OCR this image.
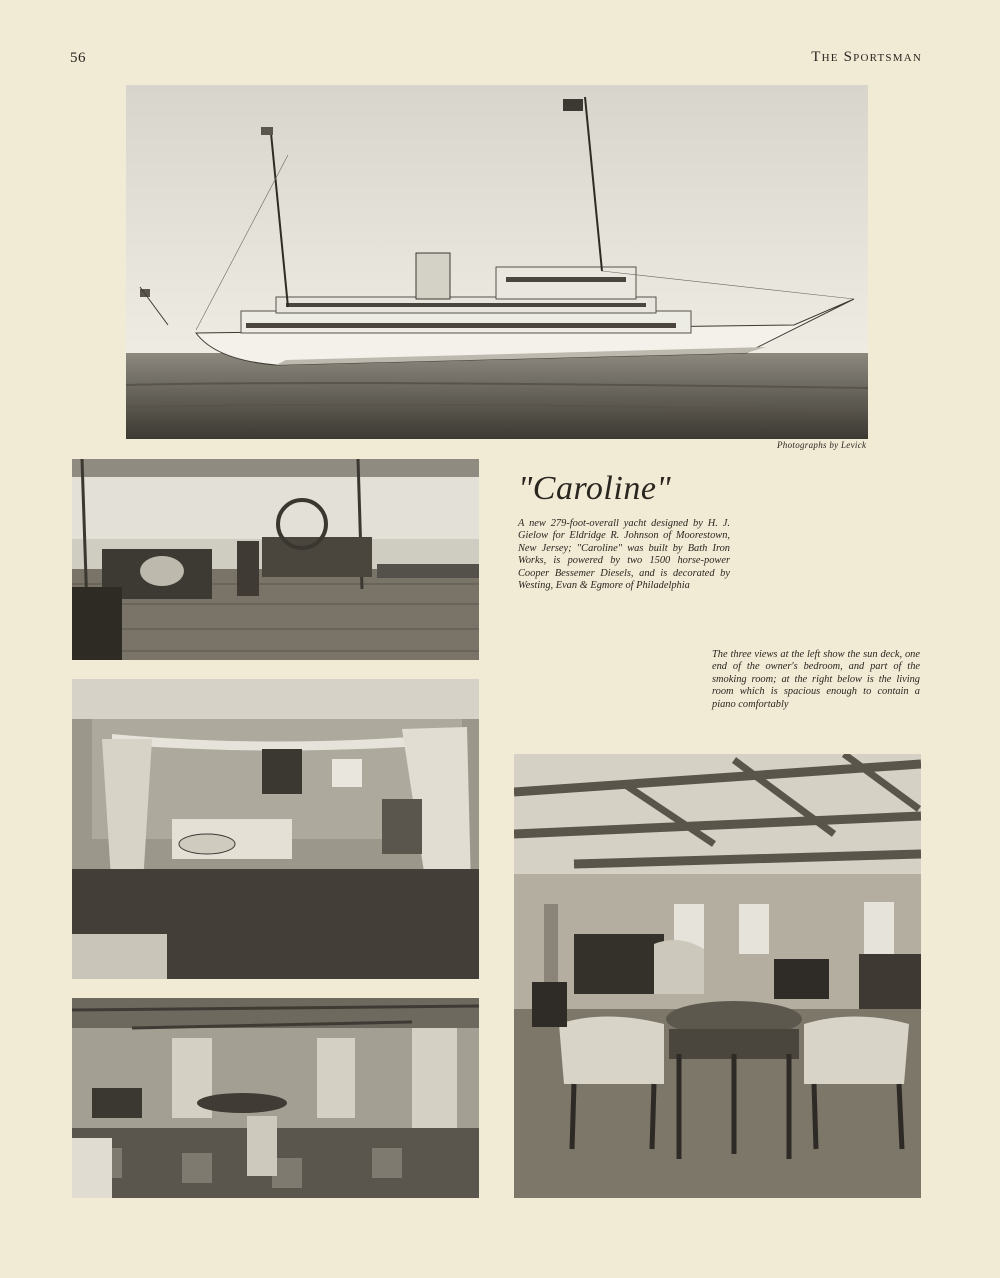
56	The Sportsman
Photographs by Levick
"Caroline"
A new 279-foot-overall yacht designed by H. J. Gielow for Eldridge R. Johnson of Moorestown, New Jersey; "Caroline" was built by Bath Iron Works, is powered by two 1500 horse-power Cooper Bessemer Diesels, and is decorated by Westing, Evan & Egmore of Philadelphia
The three views at the left show the sun deck, one end of the owner's bedroom, and part of the smoking room; at the right below is the living room which is spacious enough to contain a piano comfortably
